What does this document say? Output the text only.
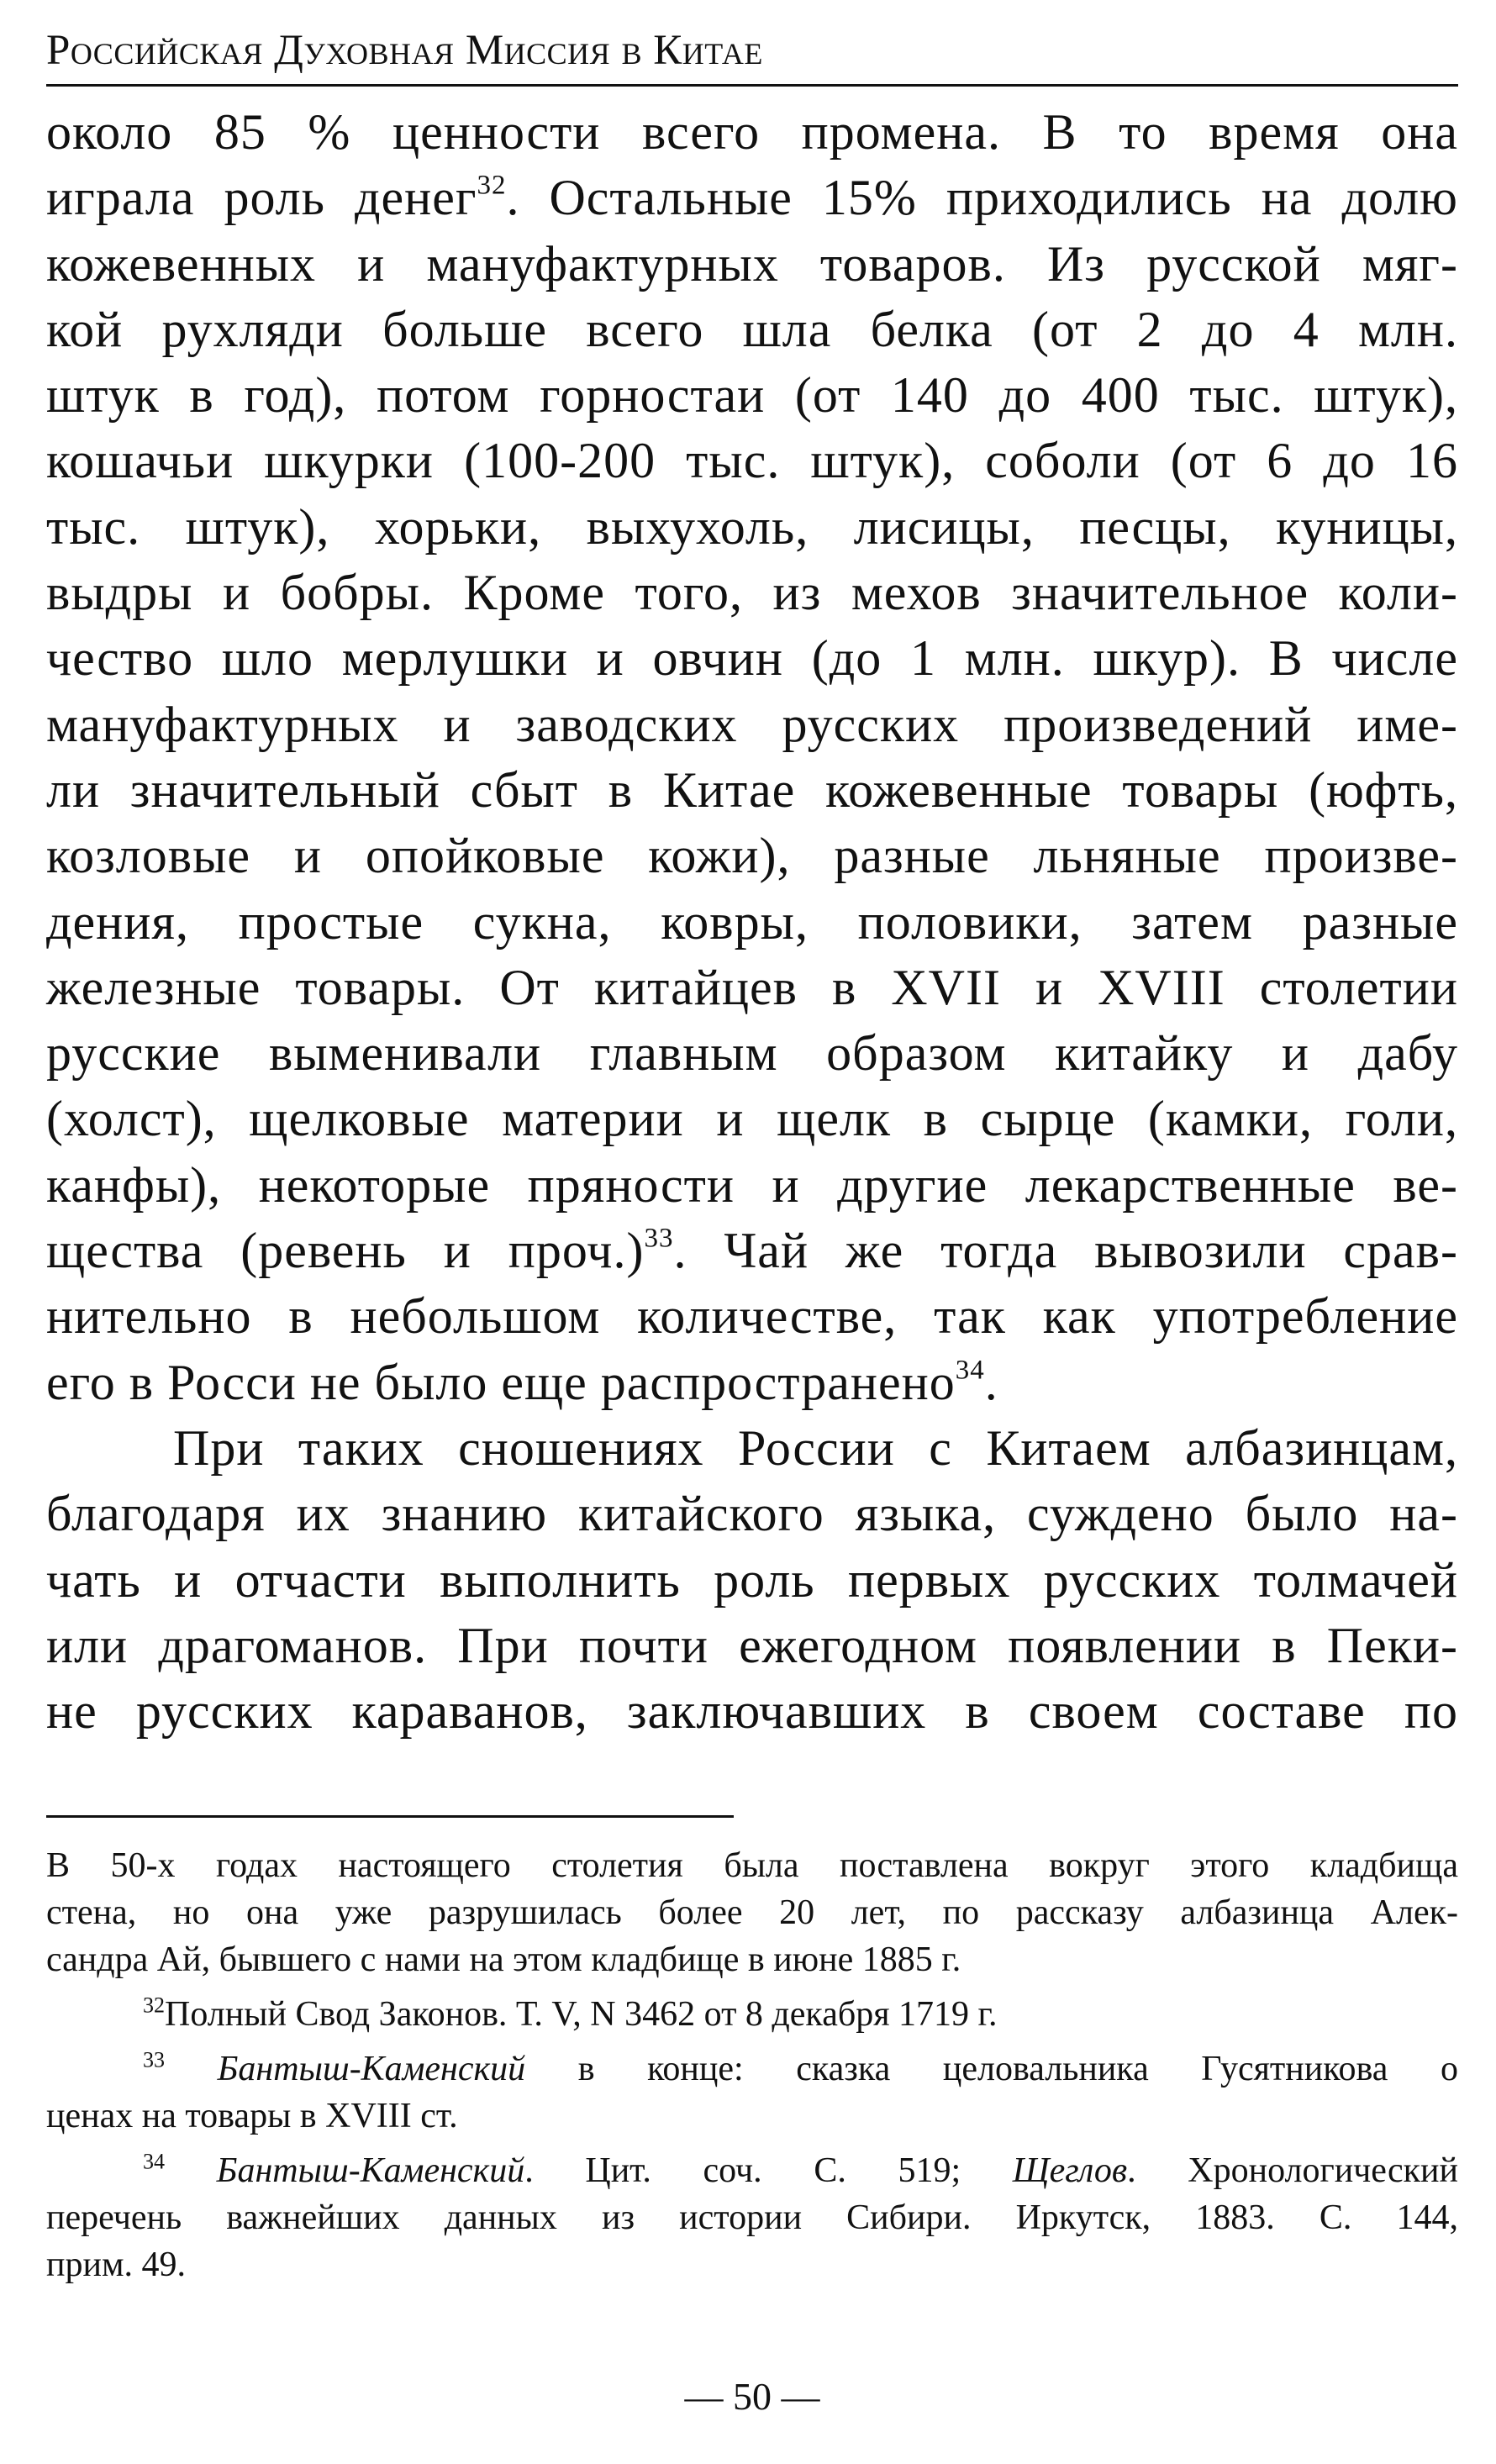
Российская Духовная Миссия в Китае
около 85 % ценности всего промена. В то время она
играла роль денег$^{32}$. Остальные 15% приходились на долю
кожевенных и мануфактурных товаров. Из русской мяг-
кой рухляди больше всего шла белка (от 2 до 4 млн.
штук в год), потом горностаи (от 140 до 400 тыс. штук),
кошачьи шкурки (100-200 тыс. штук), соболи (от 6 до 16
тыс. штук), хорьки, выхухоль, лисицы, песцы, куницы,
выдры и бобры. Кроме того, из мехов значительное коли-
чество шло мерлушки и овчин (до 1 млн. шкур). В числе
мануфактурных и заводских русских произведений име-
ли значительный сбыт в Китае кожевенные товары (юфть,
козловые и опойковые кожи), разные льняные произве-
дения, простые сукна, ковры, половики, затем разные
железные товары. От китайцев в XVII и XVIII столетии
русские выменивали главным образом китайку и дабу
(холст), щелковые материи и щелк в сырце (камки, голи,
канфы), некоторые пряности и другие лекарственные ве-
щества (ревень и проч.)$^{33}$. Чай же тогда вывозили срав-
нительно в небольшом количестве, так как употребление
его в Росси не было еще распространено$^{34}$.
При таких сношениях России с Китаем албазинцам,
благодаря их знанию китайского языка, суждено было на-
чать и отчасти выполнить роль первых русских толмачей
или драгоманов. При почти ежегодном появлении в Пеки-
не русских караванов, заключавших в своем составе по
В 50-х годах настоящего столетия была поставлена вокруг этого кладбища
стена, но она уже разрушилась более 20 лет, по рассказу албазинца Алек-
сандра Ай, бывшего с нами на этом кладбище в июне 1885 г.
$^{32}$Полный Свод Законов. Т. V, N 3462 от 8 декабря 1719 г.
$^{33}$ Бантыш-Каменский в конце: сказка целовальника Гусятникова о
ценах на товары в XVIII ст.
$^{34}$ Бантыш-Каменский. Цит. соч. С. 519; Щеглов. Хронологический
перечень важнейших данных из истории Сибири. Иркутск, 1883. С. 144,
прим. 49.
— 50 —
